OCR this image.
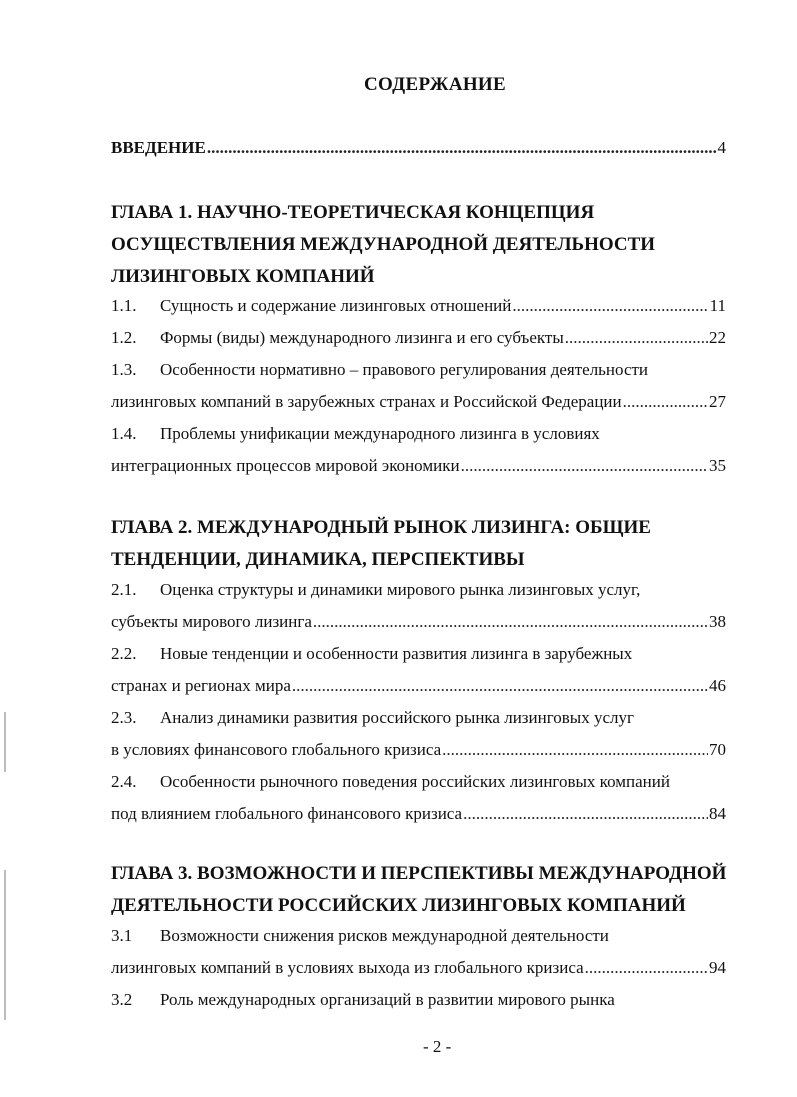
СОДЕРЖАНИЕ
ВВЕДЕНИЕ .....	4
ГЛАВА 1. НАУЧНО-ТЕОРЕТИЧЕСКАЯ КОНЦЕПЦИЯ
ОСУЩЕСТВЛЕНИЯ МЕЖДУНАРОДНОЙ ДЕЯТЕЛЬНОСТИ
ЛИЗИНГОВЫХ КОМПАНИЙ
1.1.	Сущность и содержание лизинговых отношений .....	11
1.2.	Формы (виды) международного лизинга и его субъекты .....	22
1.3.	Особенности нормативно – правового регулирования деятельности
лизинговых компаний в зарубежных странах и Российской Федерации .....	27
1.4.	Проблемы унификации международного лизинга в условиях
интеграционных процессов мировой экономики .....	35
ГЛАВА 2. МЕЖДУНАРОДНЫЙ РЫНОК ЛИЗИНГА: ОБЩИЕ
ТЕНДЕНЦИИ, ДИНАМИКА, ПЕРСПЕКТИВЫ
2.1.	Оценка структуры и динамики мирового рынка лизинговых услуг,
субъекты мирового лизинга .....	38
2.2.	Новые тенденции и особенности развития лизинга в зарубежных
странах и регионах мира .....	46
2.3.	Анализ динамики развития российского рынка лизинговых услуг
в условиях финансового глобального кризиса .....	70
2.4.	Особенности рыночного поведения российских лизинговых компаний
под влиянием глобального финансового кризиса .....	84
ГЛАВА 3. ВОЗМОЖНОСТИ И ПЕРСПЕКТИВЫ МЕЖДУНАРОДНОЙ
ДЕЯТЕЛЬНОСТИ РОССИЙСКИХ ЛИЗИНГОВЫХ КОМПАНИЙ
3.1	Возможности снижения рисков международной деятельности
лизинговых компаний в условиях выхода из глобального кризиса .....	94
3.2	Роль международных организаций в развитии мирового рынка
- 2 -
